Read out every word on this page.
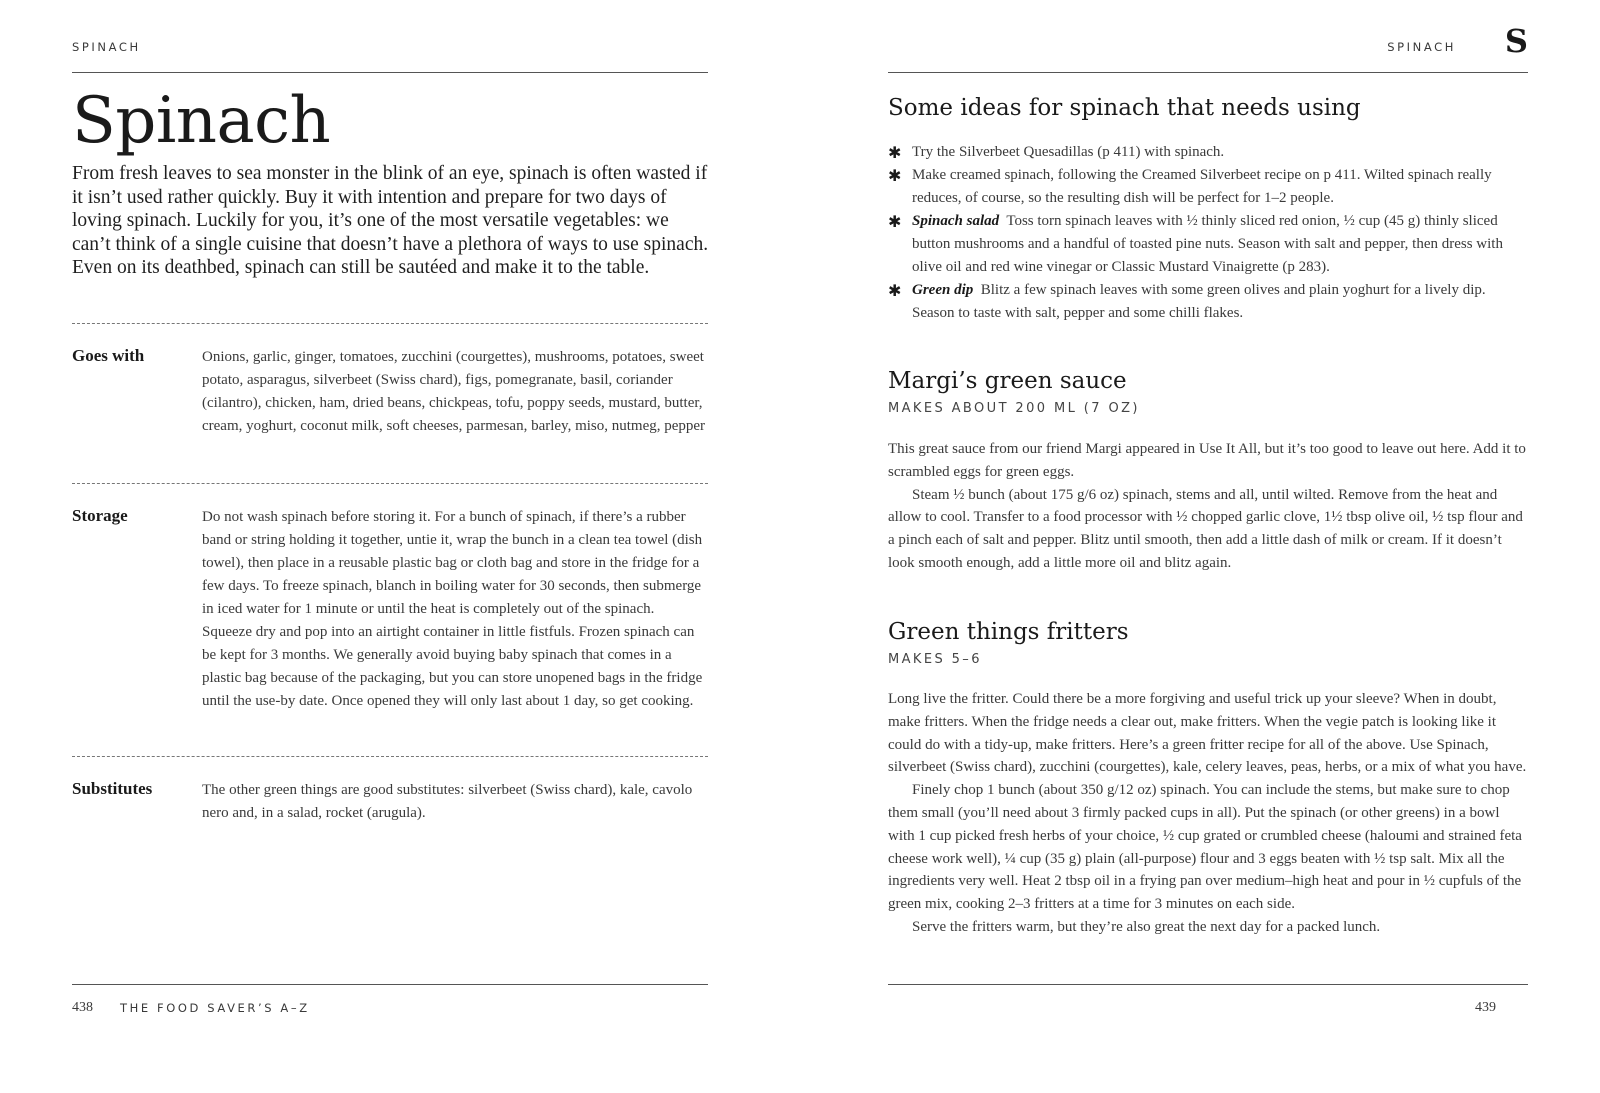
SPINACH
Spinach

From fresh leaves to sea monster in the blink of an eye, spinach is often wasted if it isn’t used rather quickly. Buy it with intention and prepare for two days of loving spinach. Luckily for you, it’s one of the most versatile vegetables: we can’t think of a single cuisine that doesn’t have a plethora of ways to use spinach. Even on its deathbed, spinach can still be sautéed and make it to the table.

Goes with	Onions, garlic, ginger, tomatoes, zucchini (courgettes), mushrooms, potatoes, sweet potato, asparagus, silverbeet (Swiss chard), figs, pomegranate, basil, coriander (cilantro), chicken, ham, dried beans, chickpeas, tofu, poppy seeds, mustard, butter, cream, yoghurt, coconut milk, soft cheeses, parmesan, barley, miso, nutmeg, pepper

Storage	Do not wash spinach before storing it. For a bunch of spinach, if there’s a rubber band or string holding it together, untie it, wrap the bunch in a clean tea towel (dish towel), then place in a reusable plastic bag or cloth bag and store in the fridge for a few days. To freeze spinach, blanch in boiling water for 30 seconds, then submerge in iced water for 1 minute or until the heat is completely out of the spinach. Squeeze dry and pop into an airtight container in little fistfuls. Frozen spinach can be kept for 3 months. We generally avoid buying baby spinach that comes in a plastic bag because of the packaging, but you can store unopened bags in the fridge until the use-by date. Once opened they will only last about 1 day, so get cooking.

Substitutes	The other green things are good substitutes: silverbeet (Swiss chard), kale, cavolo nero and, in a salad, rocket (arugula).

438 THE FOOD SAVER’S A–Z
SPINACH S
Some ideas for spinach that needs using
✱ Try the Silverbeet Quesadillas (p 411) with spinach.
✱ Make creamed spinach, following the Creamed Silverbeet recipe on p 411. Wilted spinach really reduces, of course, so the resulting dish will be perfect for 1–2 people.
✱ Spinach salad Toss torn spinach leaves with ½ thinly sliced red onion, ½ cup (45 g) thinly sliced button mushrooms and a handful of toasted pine nuts. Season with salt and pepper, then dress with olive oil and red wine vinegar or Classic Mustard Vinaigrette (p 283).
✱ Green dip Blitz a few spinach leaves with some green olives and plain yoghurt for a lively dip. Season to taste with salt, pepper and some chilli flakes.
Margi’s green sauce
MAKES ABOUT 200 ML (7 OZ)

This great sauce from our friend Margi appeared in Use It All, but it’s too good to leave out here. Add it to scrambled eggs for green eggs.

Steam ½ bunch (about 175 g/6 oz) spinach, stems and all, until wilted. Remove from the heat and allow to cool. Transfer to a food processor with ½ chopped garlic clove, 1½ tbsp olive oil, ½ tsp flour and a pinch each of salt and pepper. Blitz until smooth, then add a little dash of milk or cream. If it doesn’t look smooth enough, add a little more oil and blitz again.

Green things fritters
MAKES 5–6

Long live the fritter. Could there be a more forgiving and useful trick up your sleeve? When in doubt, make fritters. When the fridge needs a clear out, make fritters. When the vegie patch is looking like it could do with a tidy-up, make fritters. Here’s a green fritter recipe for all of the above. Use Spinach, silverbeet (Swiss chard), zucchini (courgettes), kale, celery leaves, peas, herbs, or a mix of what you have.

Finely chop 1 bunch (about 350 g/12 oz) spinach. You can include the stems, but make sure to chop them small (you’ll need about 3 firmly packed cups in all). Put the spinach (or other greens) in a bowl with 1 cup picked fresh herbs of your choice, ½ cup grated or crumbled cheese (haloumi and strained feta cheese work well), ¼ cup (35 g) plain (all-purpose) flour and 3 eggs beaten with ½ tsp salt. Mix all the ingredients very well. Heat 2 tbsp oil in a frying pan over medium–high heat and pour in ½ cupfuls of the green mix, cooking 2–3 fritters at a time for 3 minutes on each side.

Serve the fritters warm, but they’re also great the next day for a packed lunch.

439
